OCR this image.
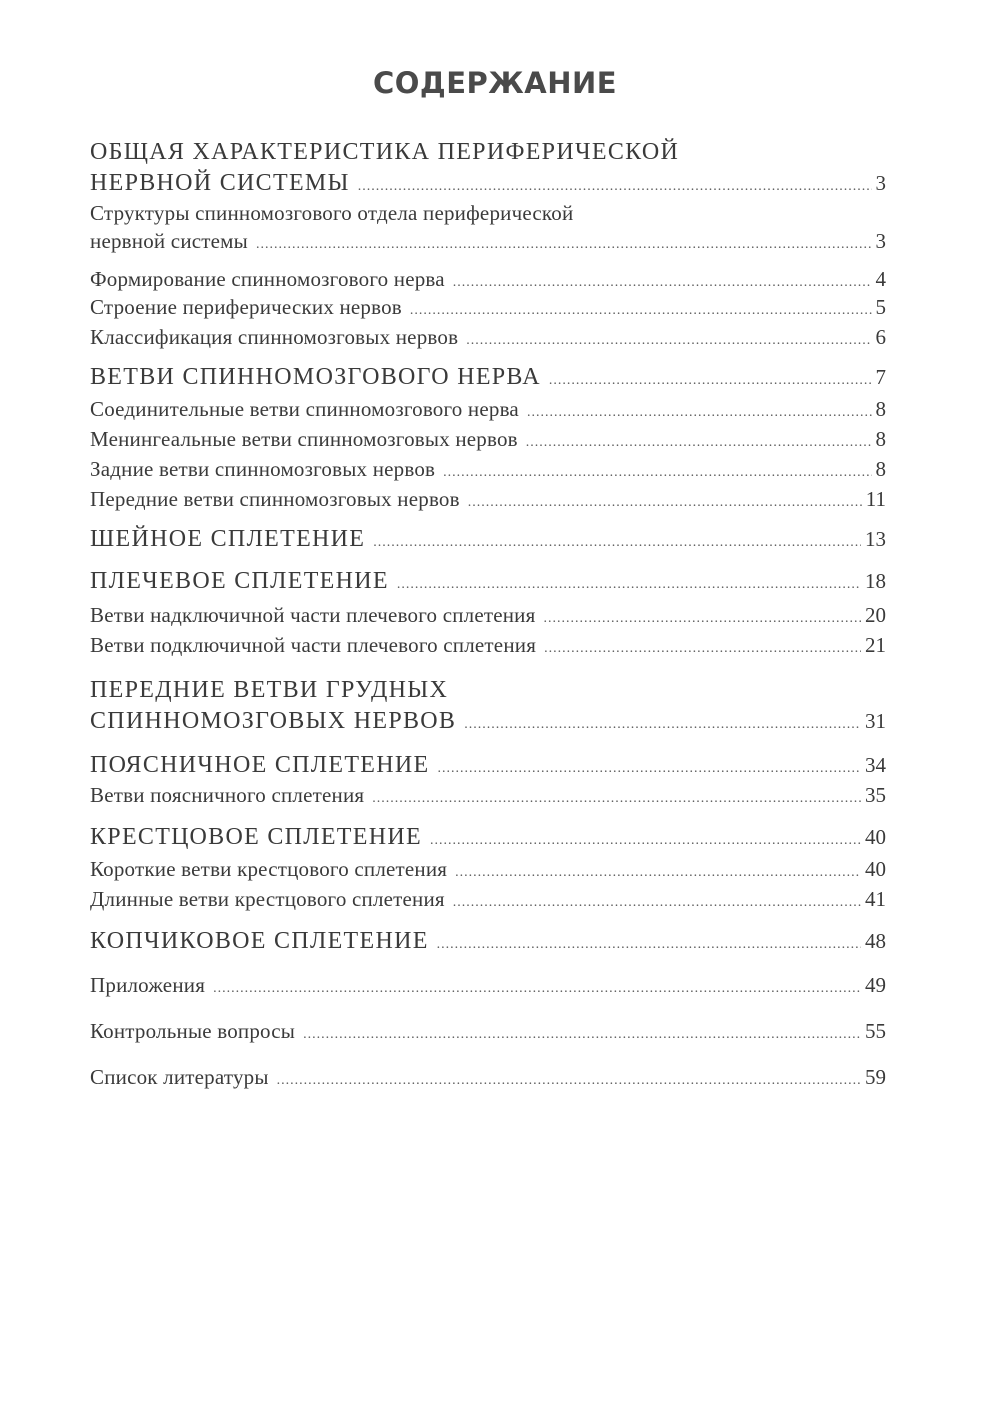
СОДЕРЖАНИЕ
ОБЩАЯ ХАРАКТЕРИСТИКА ПЕРИФЕРИЧЕСКОЙ
НЕРВНОЙ СИСТЕМЫ .....	3
Структуры спинномозгового отдела периферической
нервной системы .....	3
Формирование спинномозгового нерва .....	4
Строение периферических нервов .....	5
Классификация спинномозговых нервов .....	6
ВЕТВИ СПИННОМОЗГОВОГО НЕРВА .....	7
Соединительные ветви спинномозгового нерва .....	8
Менингеальные ветви спинномозговых нервов .....	8
Задние ветви спинномозговых нервов .....	8
Передние ветви спинномозговых нервов .....	11
ШЕЙНОЕ СПЛЕТЕНИЕ .....	13
ПЛЕЧЕВОЕ СПЛЕТЕНИЕ .....	18
Ветви надключичной части плечевого сплетения .....	20
Ветви подключичной части плечевого сплетения .....	21
ПЕРЕДНИЕ ВЕТВИ ГРУДНЫХ
СПИННОМОЗГОВЫХ НЕРВОВ .....	31
ПОЯСНИЧНОЕ СПЛЕТЕНИЕ .....	34
Ветви поясничного сплетения .....	35
КРЕСТЦОВОЕ СПЛЕТЕНИЕ .....	40
Короткие ветви крестцового сплетения .....	40
Длинные ветви крестцового сплетения .....	41
КОПЧИКОВОЕ СПЛЕТЕНИЕ .....	48
Приложения .....	49
Контрольные вопросы .....	55
Список литературы .....	59
